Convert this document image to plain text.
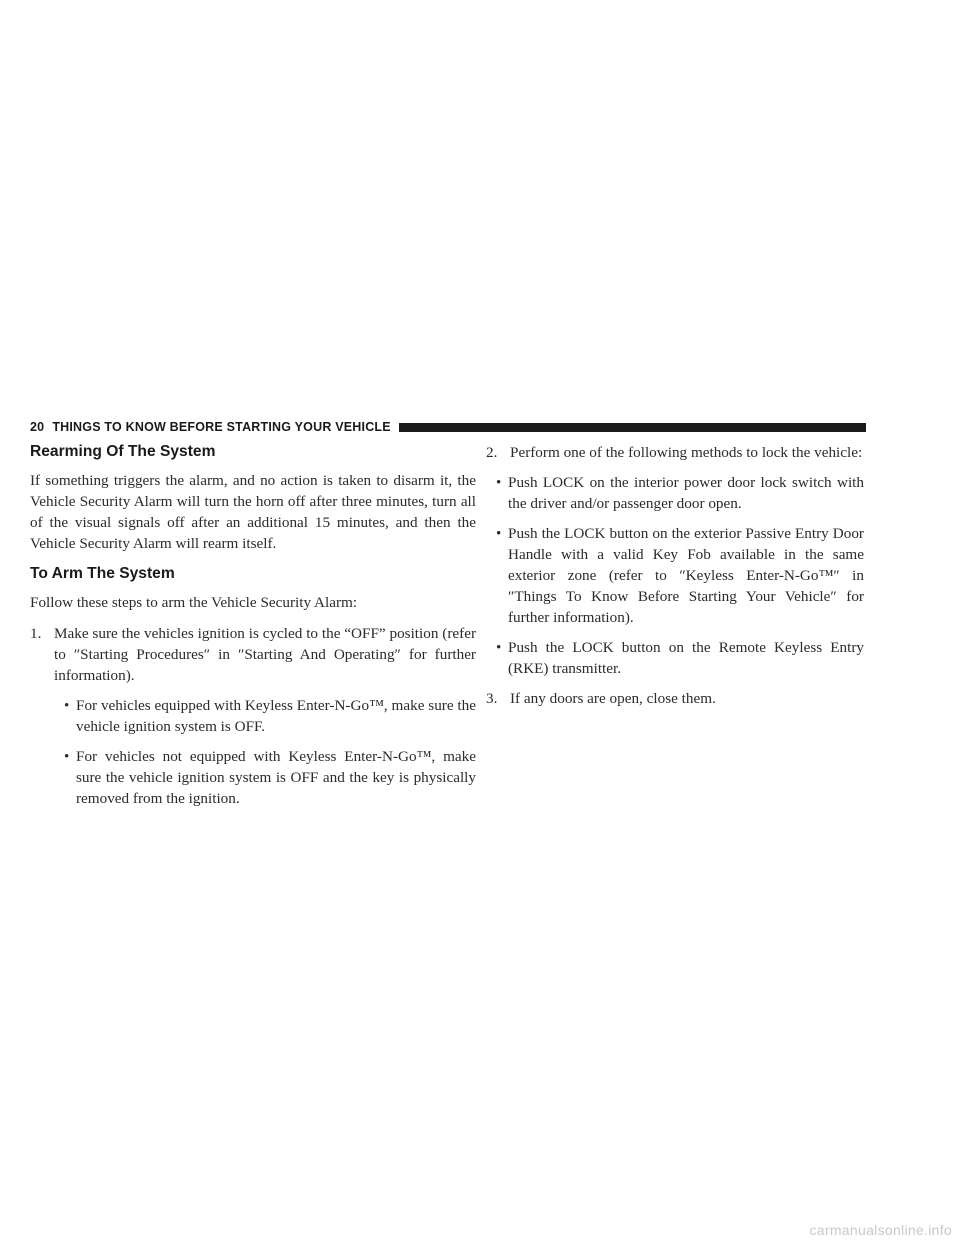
20 THINGS TO KNOW BEFORE STARTING YOUR VEHICLE
Rearming Of The System

If something triggers the alarm, and no action is taken to disarm it, the Vehicle Security Alarm will turn the horn off after three minutes, turn all of the visual signals off after an additional 15 minutes, and then the Vehicle Security Alarm will rearm itself.

To Arm The System

Follow these steps to arm the Vehicle Security Alarm:

1. Make sure the vehicles ignition is cycled to the “OFF” position (refer to ″Starting Procedures″ in ″Starting And Operating″ for further information).
• For vehicles equipped with Keyless Enter-N-Go™, make sure the vehicle ignition system is OFF.
• For vehicles not equipped with Keyless Enter-N-Go™, make sure the vehicle ignition system is OFF and the key is physically removed from the ignition.
2. Perform one of the following methods to lock the vehicle:
• Push LOCK on the interior power door lock switch with the driver and/or passenger door open.
• Push the LOCK button on the exterior Passive Entry Door Handle with a valid Key Fob available in the same exterior zone (refer to ″Keyless Enter-N-Go™″ in ″Things To Know Before Starting Your Vehicle″ for further information).
• Push the LOCK button on the Remote Keyless Entry (RKE) transmitter.
3. If any doors are open, close them.
carmanualsonline.info
